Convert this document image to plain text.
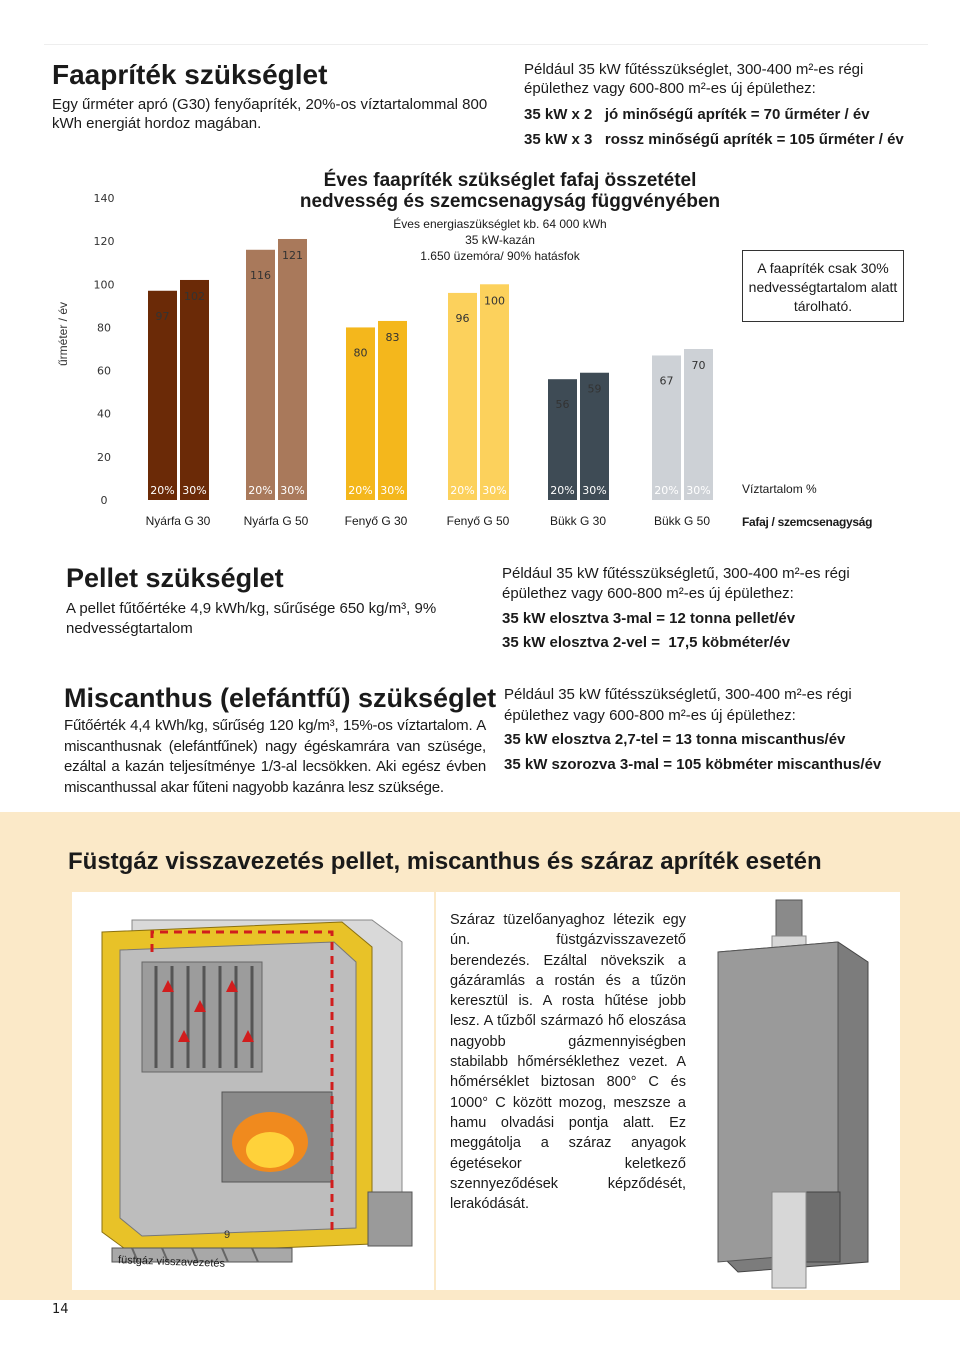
Faapríték szükséglet
Egy űrméter apró (G30) fenyőapríték, 20%-os víztartalommal 800 kWh energiát hordoz magában.
Például 35 kW fűtésszükséglet, 300-400 m²-es régi épülethez vagy 600-800 m²-es új épülethez:
35 kW x 2   jó minőségű apríték = 70 űrméter / év
35 kW x 3   rossz minőségű apríték = 105 űrméter / év
0
20
40
60
80
100
120
140
97
20%
102
30%
Nyárfa G 30
116
20%
121
30%
Nyárfa G 50
80
20%
83
30%
Fenyő G 30
96
20%
100
30%
Fenyő G 50
56
20%
59
30%
Bükk G 30
67
20%
70
30%
Bükk G 50
Éves faapríték szükséglet fafaj összetétel nedvesség és szemcsenagyság függvényében
Éves energiaszükséglet kb. 64 000 kWh
35 kW-kazán
1.650 üzemóra/ 90% hatásfok
A faapríték csak 30% nedvességtartalom alatt tárolható.
űrméter / év
Víztartalom %
Fafaj / szemcsenagyság
Pellet szükséglet
A pellet fűtőértéke 4,9 kWh/kg, sűrűsége 650 kg/m³, 9% nedvességtartalom
Például 35 kW fűtésszükségletű, 300-400 m²-es régi épülethez vagy 600-800 m²-es új épülethez:
35 kW elosztva 3-mal = 12 tonna pellet/év
35 kW elosztva 2-vel =  17,5 köbméter/év
Miscanthus (elefántfű) szükséglet
Fűtőérték 4,4 kWh/kg, sűrűség 120 kg/m³, 15%-os víztartalom. A miscanthusnak (elefántfűnek) nagy égéskamrára van szüsége, ezáltal a kazán teljesítménye 1/3-al lecsökken. Aki egész évben miscanthussal akar fűteni nagyobb kazánra lesz szüksége.
Például 35 kW fűtésszükségletű, 300-400 m²-es régi épülethez vagy 600-800 m²-es új épülethez:
35 kW elosztva 2,7-tel = 13 tonna miscanthus/év
35 kW szorozva 3-mal = 105 köbméter miscanthus/év
Füstgáz visszavezetés pellet, miscanthus és száraz apríték esetén
9
füstgáz visszavezetés
Száraz tüzelőanyaghoz létezik egy ún. füstgázvisszavezető berendezés. Ezáltal növekszik a gázáramlás a rostán és a tűzön keresztül is. A rosta hűtése jobb lesz. A tűzből származó hő eloszása nagyobb gázmennyiségben stabilabb hőmérséklethez vezet. A hőmérséklet biztosan 800° C és 1000° C között mozog, meszsze a hamu olvadási pontja alatt. Ez meggátolja a száraz anyagok égetésekor keletkező szennyeződések képződését, lerakódását.
14
